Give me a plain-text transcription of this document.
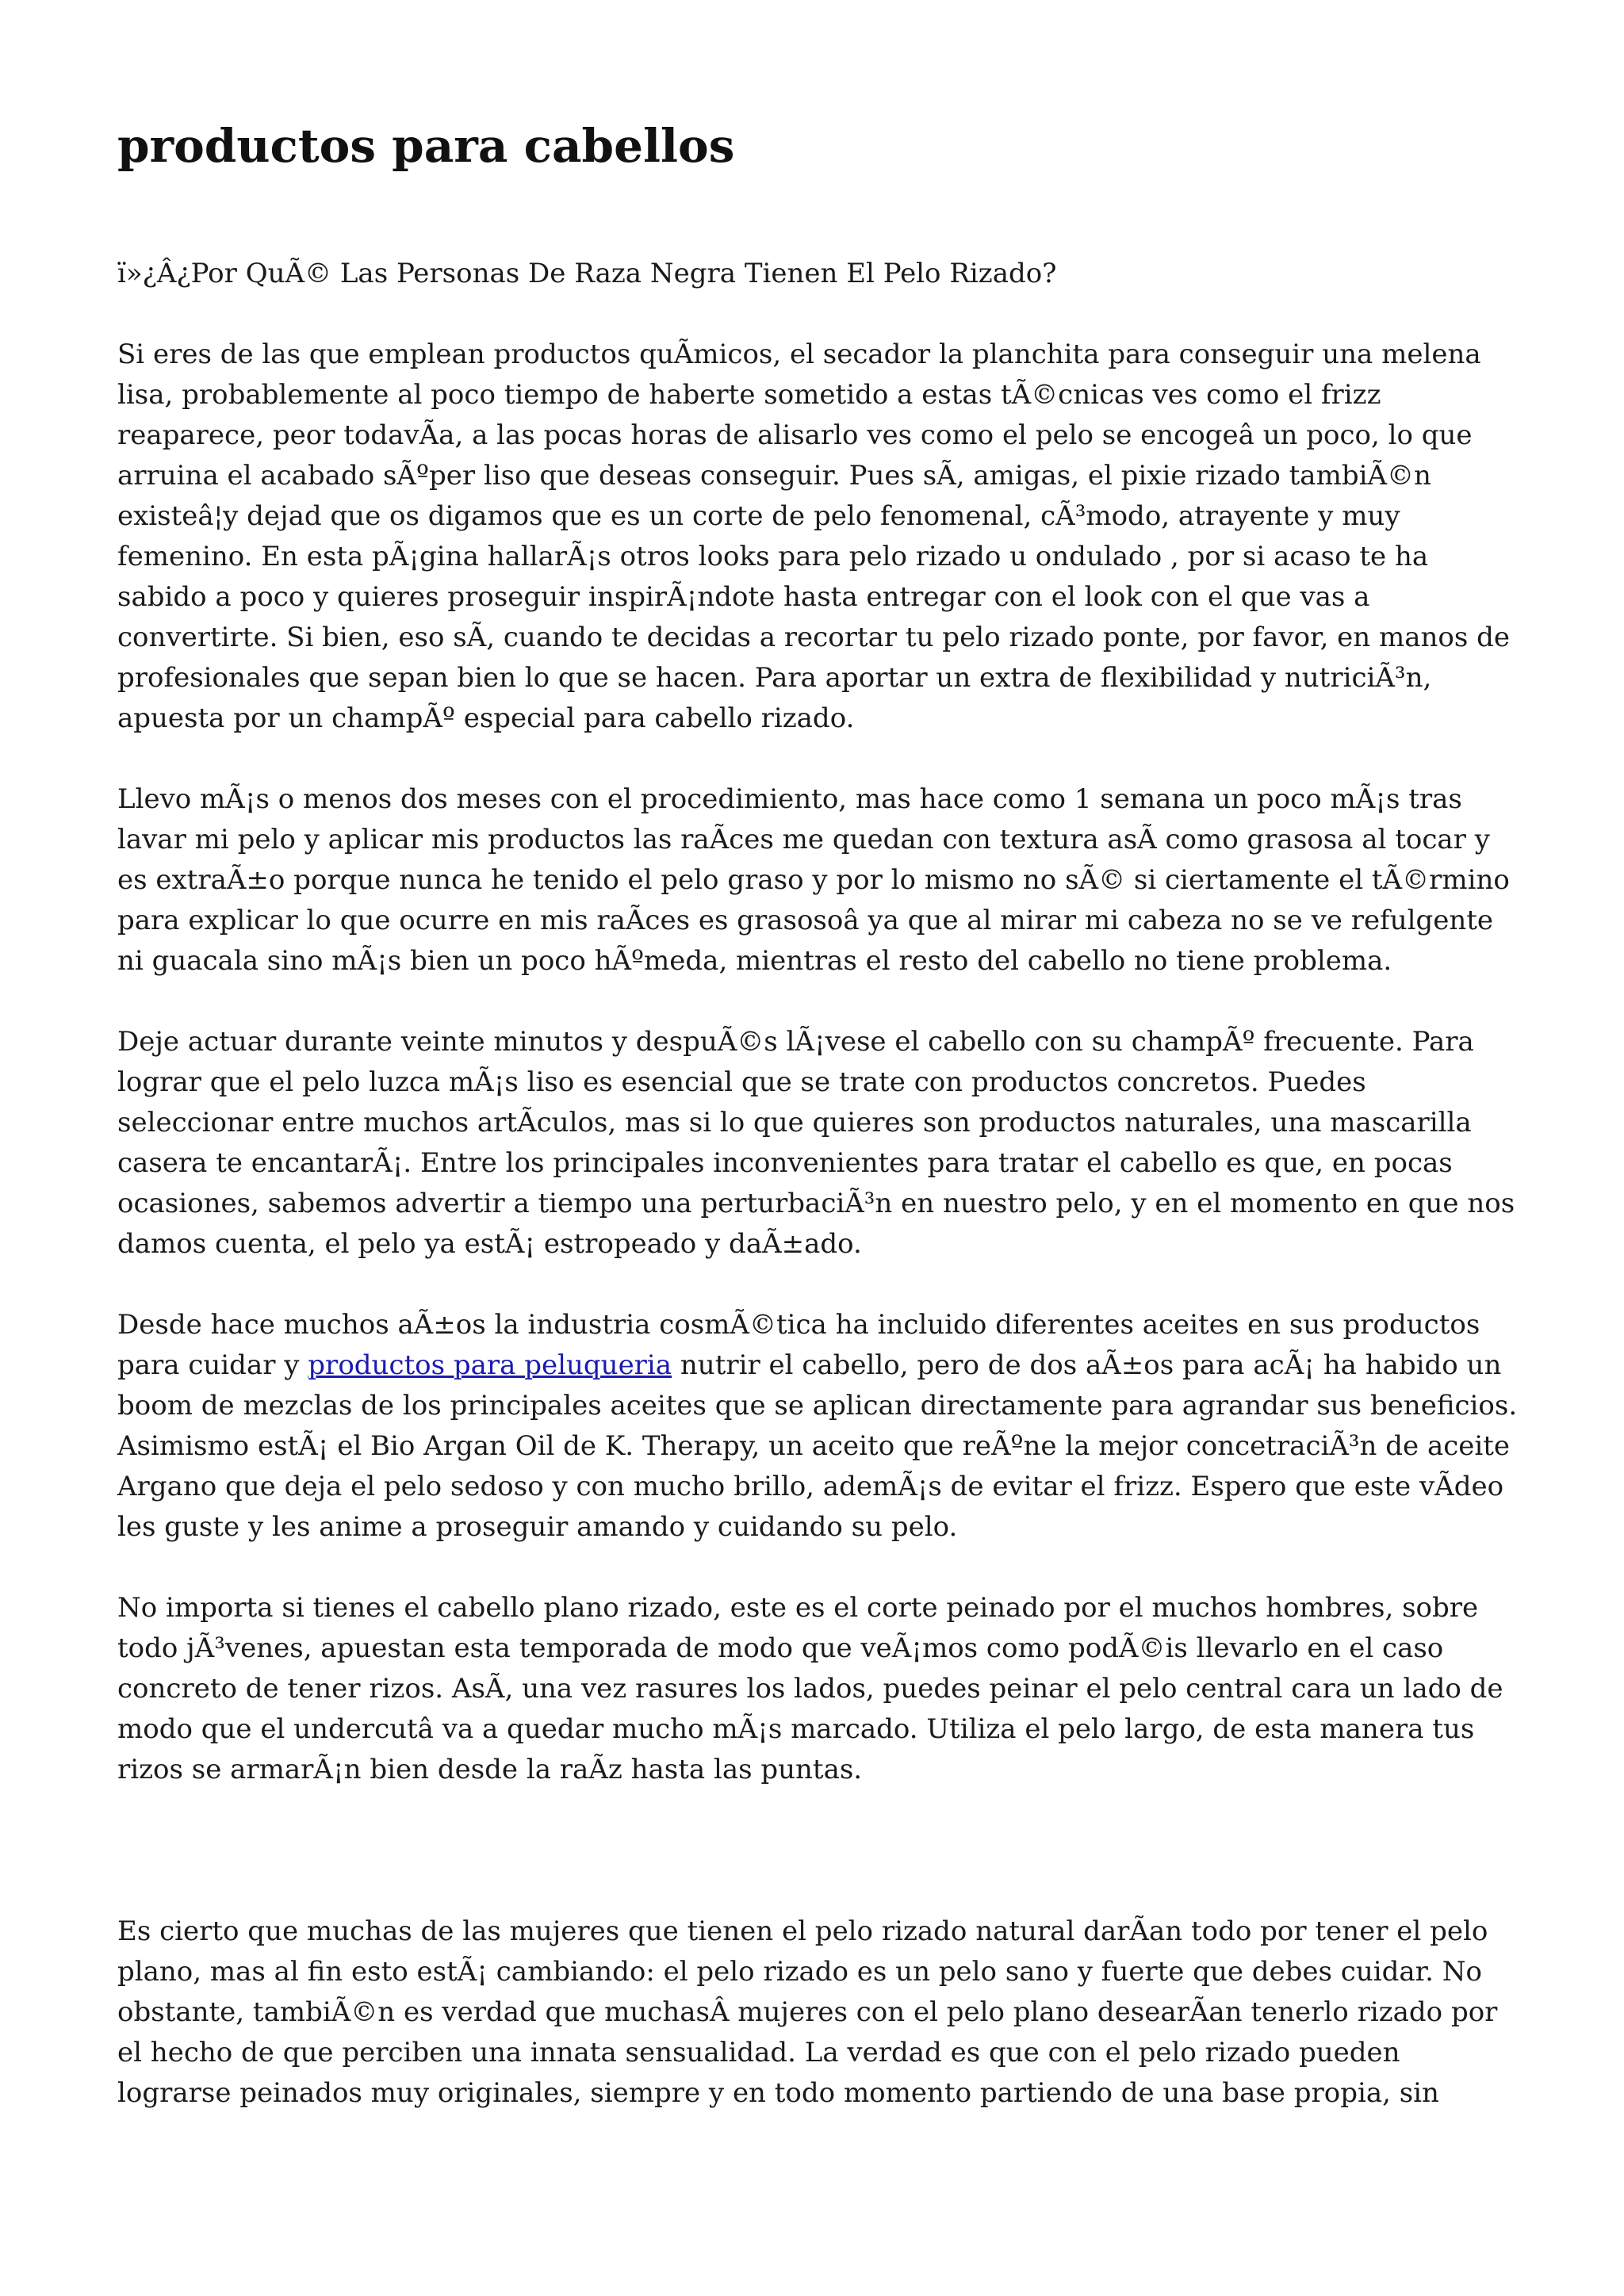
productos para cabellos

ï»¿Â¿Por QuÃ© Las Personas De Raza Negra Tienen El Pelo Rizado?

Si eres de las que emplean productos quÃmicos, el secador la planchita para conseguir una melena lisa, probablemente al poco tiempo de haberte sometido a estas tÃ©cnicas ves como el frizz reaparece, peor todavÃa, a las pocas horas de alisarlo ves como el pelo se encogeâ un poco, lo que arruina el acabado sÃºper liso que deseas conseguir. Pues sÃ, amigas, el pixie rizado tambiÃ©n existeâ¦y dejad que os digamos que es un corte de pelo fenomenal, cÃ³modo, atrayente y muy femenino. En esta pÃ¡gina hallarÃ¡s otros looks para pelo rizado u ondulado , por si acaso te ha sabido a poco y quieres proseguir inspirÃ¡ndote hasta entregar con el look con el que vas a convertirte. Si bien, eso sÃ, cuando te decidas a recortar tu pelo rizado ponte, por favor, en manos de profesionales que sepan bien lo que se hacen. Para aportar un extra de flexibilidad y nutriciÃ³n, apuesta por un champÃº especial para cabello rizado.

Llevo mÃ¡s o menos dos meses con el procedimiento, mas hace como 1 semana un poco mÃ¡s tras lavar mi pelo y aplicar mis productos las raÃces me quedan con textura asÃ como grasosa al tocar y es extraÃ±o porque nunca he tenido el pelo graso y por lo mismo no sÃ© si ciertamente el tÃ©rmino para explicar lo que ocurre en mis raÃces es grasosoâ ya que al mirar mi cabeza no se ve refulgente ni guacala sino mÃ¡s bien un poco hÃºmeda, mientras el resto del cabello no tiene problema.

Deje actuar durante veinte minutos y despuÃ©s lÃ¡vese el cabello con su champÃº frecuente. Para lograr que el pelo luzca mÃ¡s liso es esencial que se trate con productos concretos. Puedes seleccionar entre muchos artÃculos, mas si lo que quieres son productos naturales, una mascarilla casera te encantarÃ¡. Entre los principales inconvenientes para tratar el cabello es que, en pocas ocasiones, sabemos advertir a tiempo una perturbaciÃ³n en nuestro pelo, y en el momento en que nos damos cuenta, el pelo ya estÃ¡ estropeado y daÃ±ado.

Desde hace muchos aÃ±os la industria cosmÃ©tica ha incluido diferentes aceites en sus productos para cuidar y productos para peluqueria nutrir el cabello, pero de dos aÃ±os para acÃ¡ ha habido un boom de mezclas de los principales aceites que se aplican directamente para agrandar sus beneficios. Asimismo estÃ¡ el Bio Argan Oil de K. Therapy, un aceito que reÃºne la mejor concetraciÃ³n de aceite Argano que deja el pelo sedoso y con mucho brillo, ademÃ¡s de evitar el frizz. Espero que este vÃdeo les guste y les anime a proseguir amando y cuidando su pelo.

No importa si tienes el cabello plano rizado, este es el corte peinado por el muchos hombres, sobre todo jÃ³venes, apuestan esta temporada de modo que veÃ¡mos como podÃ©is llevarlo en el caso concreto de tener rizos. AsÃ, una vez rasures los lados, puedes peinar el pelo central cara un lado de modo que el undercutâ va a quedar mucho mÃ¡s marcado. Utiliza el pelo largo, de esta manera tus rizos se armarÃ¡n bien desde la raÃz hasta las puntas.

Es cierto que muchas de las mujeres que tienen el pelo rizado natural darÃan todo por tener el pelo plano, mas al fin esto estÃ¡ cambiando: el pelo rizado es un pelo sano y fuerte que debes cuidar. No obstante, tambiÃ©n es verdad que muchasÂ mujeres con el pelo plano desearÃan tenerlo rizado por el hecho de que perciben una innata sensualidad. La verdad es que con el pelo rizado pueden lograrse peinados muy originales, siempre y en todo momento partiendo de una base propia, sin
